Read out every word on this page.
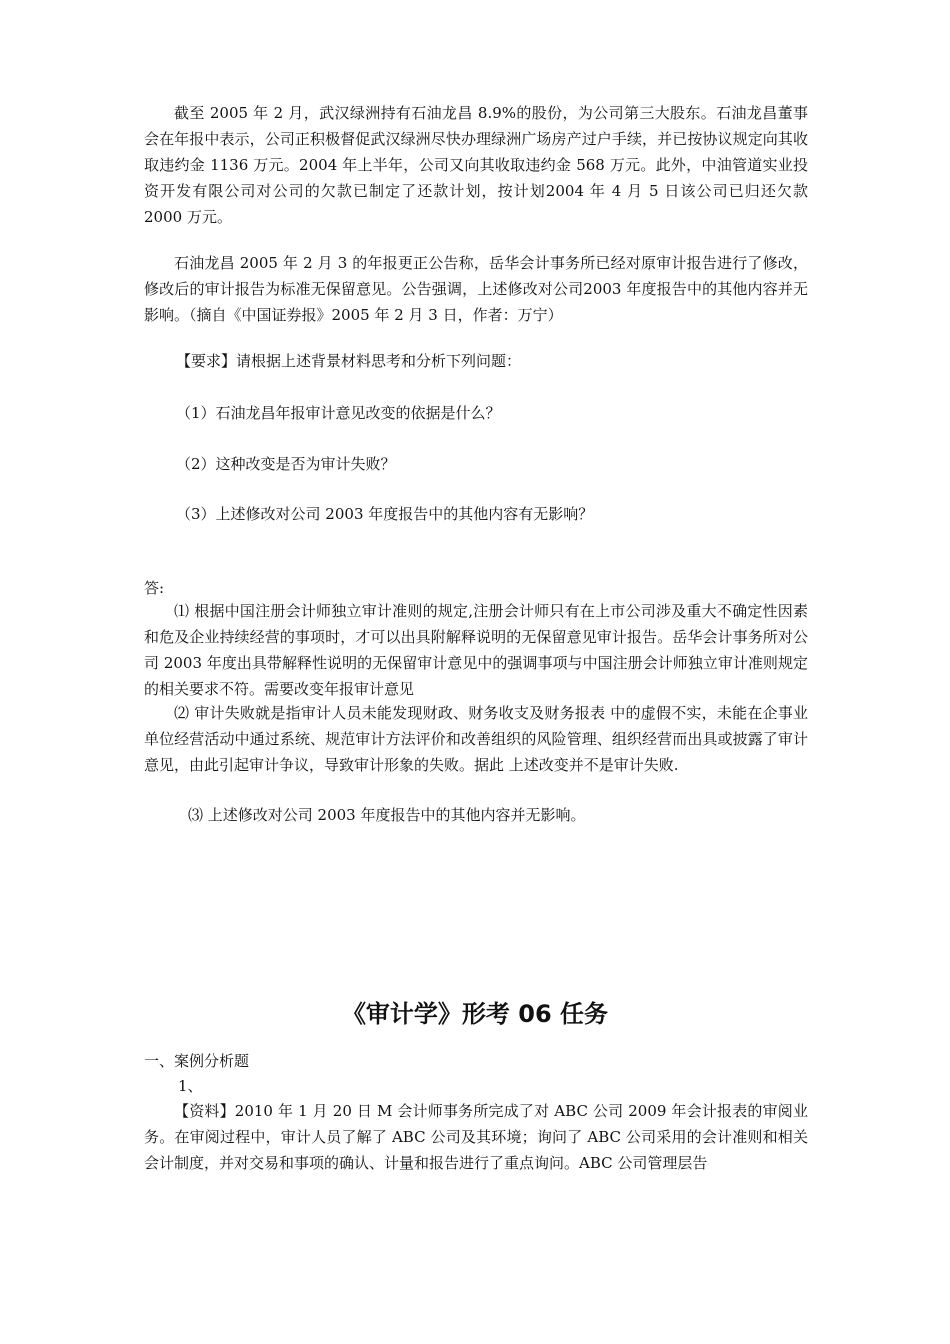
截至 2005 年 2 月，武汉绿洲持有石油龙昌 8.9%的股份，为公司第三大股东。石油龙昌董事会在年报中表示，公司正积极督促武汉绿洲尽快办理绿洲广场房产过户手续，并已按协议规定向其收取违约金 1136 万元。2004 年上半年，公司又向其收取违约金 568 万元。此外，中油管道实业投资开发有限公司对公司的欠款已制定了还款计划，按计划2004 年 4 月 5 日该公司已归还欠款 2000 万元。

石油龙昌 2005 年 2 月 3 的年报更正公告称，岳华会计事务所已经对原审计报告进行了修改，修改后的审计报告为标准无保留意见。公告强调，上述修改对公司2003 年度报告中的其他内容并无影响。（摘自《中国证券报》2005 年 2 月 3 日，作者：万宁）

【要求】请根据上述背景材料思考和分析下列问题：

（1）石油龙昌年报审计意见改变的依据是什么？

（2）这种改变是否为审计失败？

（3）上述修改对公司 2003 年度报告中的其他内容有无影响？

答:

⑴ 根据中国注册会计师独立审计准则的规定,注册会计师只有在上市公司涉及重大不确定性因素和危及企业持续经营的事项时，才可以出具附解释说明的无保留意见审计报告。岳华会计事务所对公司 2003 年度出具带解释性说明的无保留审计意见中的强调事项与中国注册会计师独立审计准则规定的相关要求不符。需要改变年报审计意见

⑵ 审计失败就是指审计人员未能发现财政、财务收支及财务报表 中的虚假不实，未能在企事业单位经营活动中通过系统、规范审计方法评价和改善组织的风险管理、组织经营而出具或披露了审计意见，由此引起审计争议，导致审计形象的失败。据此 上述改变并不是审计失败.

⑶ 上述修改对公司 2003 年度报告中的其他内容并无影响。

《审计学》形考 06 任务

一、案例分析题

1、

【资料】2010 年 1 月 20 日 M 会计师事务所完成了对 ABC 公司 2009 年会计报表的审阅业务。在审阅过程中，审计人员了解了 ABC 公司及其环境；询问了 ABC 公司采用的会计准则和相关会计制度，并对交易和事项的确认、计量和报告进行了重点询问。ABC 公司管理层告
